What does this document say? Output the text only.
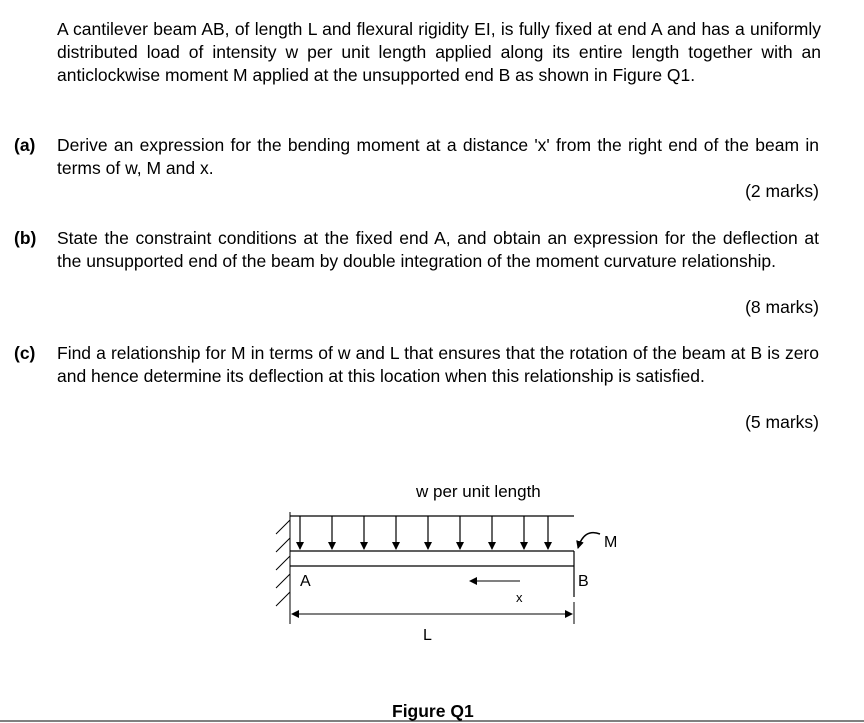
A cantilever beam AB, of length L and flexural rigidity EI, is fully fixed at end A and has a uniformly distributed load of intensity w per unit length applied along its entire length together with an anticlockwise moment M applied at the unsupported end B as shown in Figure Q1.
(a) Derive an expression for the bending moment at a distance 'x' from the right end of the beam in terms of w, M and x.
(2 marks)
(b) State the constraint conditions at the fixed end A, and obtain an expression for the deflection at the unsupported end of the beam by double integration of the moment curvature relationship.
(8 marks)
(c) Find a relationship for M in terms of w and L that ensures that the rotation of the beam at B is zero and hence determine its deflection at this location when this relationship is satisfied.
(5 marks)
w per unit length
M
A	B
x
L
Figure Q1
